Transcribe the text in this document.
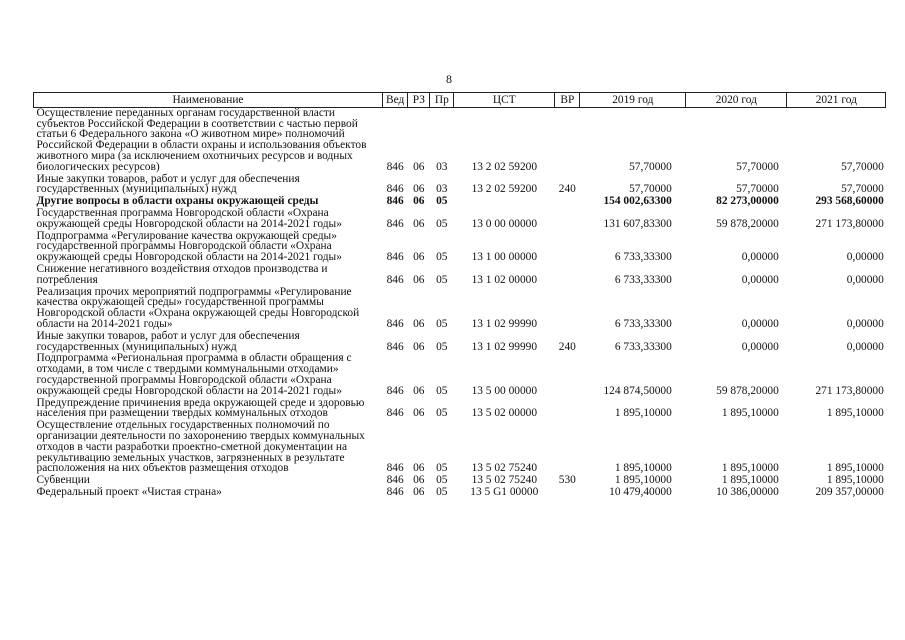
8
Наименование	Вед	РЗ	Пр	ЦСТ	ВР	2019 год	2020 год	2021 год
Осуществление переданных органам государственной власти субъектов Российской Федерации в соответствии с частью первой статьи 6 Федерального закона «О животном мире» полномочий Российской Федерации в области охраны и использования объектов животного мира (за исключением охотничьих ресурсов и водных биологических ресурсов)	846	06	03	13 2 02 59200		57,70000	57,70000	57,70000
Иные закупки товаров, работ и услуг для обеспечения государственных (муниципальных) нужд	846	06	03	13 2 02 59200	240	57,70000	57,70000	57,70000
Другие вопросы в области охраны окружающей среды	846	06	05			154 002,63300	82 273,00000	293 568,60000
Государственная программа Новгородской области «Охрана окружающей среды Новгородской области на 2014-2021 годы»	846	06	05	13 0 00 00000		131 607,83300	59 878,20000	271 173,80000
Подпрограмма «Регулирование качества окружающей среды» государственной программы Новгородской области «Охрана окружающей среды Новгородской области на 2014-2021 годы»	846	06	05	13 1 00 00000		6 733,33300	0,00000	0,00000
Снижение негативного воздействия отходов производства и потребления	846	06	05	13 1 02 00000		6 733,33300	0,00000	0,00000
Реализация прочих мероприятий подпрограммы «Регулирование качества окружающей среды» государственной программы Новгородской области «Охрана окружающей среды Новгородской области на 2014-2021 годы»	846	06	05	13 1 02 99990		6 733,33300	0,00000	0,00000
Иные закупки товаров, работ и услуг для обеспечения государственных (муниципальных) нужд	846	06	05	13 1 02 99990	240	6 733,33300	0,00000	0,00000
Подпрограмма «Региональная программа в области обращения с отходами, в том числе с твердыми коммунальными отходами» государственной программы Новгородской области «Охрана окружающей среды Новгородской области на 2014-2021 годы»	846	06	05	13 5 00 00000		124 874,50000	59 878,20000	271 173,80000
Предупреждение причинения вреда окружающей среде и здоровью населения при размещении твердых коммунальных отходов	846	06	05	13 5 02 00000		1 895,10000	1 895,10000	1 895,10000
Осуществление отдельных государственных полномочий по организации деятельности по захоронению твердых коммунальных отходов в части разработки проектно-сметной документации на рекультивацию земельных участков, загрязненных в результате расположения на них объектов размещения отходов	846	06	05	13 5 02 75240		1 895,10000	1 895,10000	1 895,10000
Субвенции	846	06	05	13 5 02 75240	530	1 895,10000	1 895,10000	1 895,10000
Федеральный проект «Чистая страна»	846	06	05	13 5 G1 00000		10 479,40000	10 386,00000	209 357,00000
